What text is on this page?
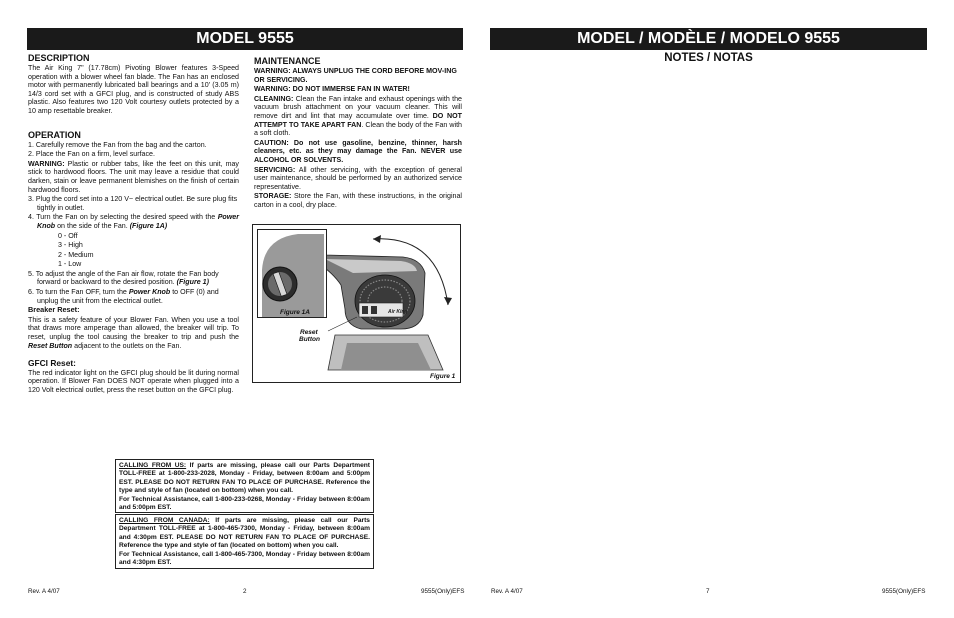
MODEL 9555

DESCRIPTION

The Air King 7" (17.78cm) Pivoting Blower features 3-Speed operation with a blower wheel fan blade. The Fan has an enclosed motor with permanently lubricated ball bearings and a 10' (3.05 m) 14/3 cord set with a GFCI plug, and is constructed of study ABS plastic. Also features two 120 Volt courtesy outlets protected by a 10 amp resettable breaker.

OPERATION

1. Carefully remove the Fan from the bag and the carton.

2. Place the Fan on a firm, level surface.

WARNING: Plastic or rubber tabs, like the feet on this unit, may stick to hardwood floors. The unit may leave a residue that could darken, stain or leave permanent blemishes on the finish of certain hardwood floors.

3. Plug the cord set into a 120 V~ electrical outlet. Be sure plug fits tightly in outlet.

4. Turn the Fan on by selecting the desired speed with the Power Knob on the side of the Fan. (Figure 1A)

0 - Off

3 - High

2 - Medium

1 - Low

5. To adjust the angle of the Fan air flow, rotate the Fan body forward or backward to the desired position. (Figure 1)

6. To turn the Fan OFF, turn the Power Knob to OFF (0) and unplug the unit from the electrical outlet.

Breaker Reset:

This is a safety feature of your Blower Fan. When you use a tool that draws more amperage than allowed, the breaker will trip. To reset, unplug the tool causing the breaker to trip and push the Reset Button adjacent to the outlets on the Fan.

GFCI Reset:

The red indicator light on the GFCI plug should be lit during normal operation. If Blower Fan DOES NOT operate when plugged into a 120 Volt electrical outlet, press the reset button on the GFCI plug.

MAINTENANCE

WARNING: ALWAYS UNPLUG THE CORD BEFORE MOV-ING OR SERVICING.

WARNING: DO NOT IMMERSE FAN IN WATER!

CLEANING: Clean the Fan intake and exhaust openings with the vacuum brush attachment on your vacuum cleaner. This will remove dirt and lint that may accumulate over time. DO NOT ATTEMPT TO TAKE APART FAN. Clean the body of the Fan with a soft cloth.

CAUTION: Do not use gasoline, benzine, thinner, harsh cleaners, etc. as they may damage the Fan. NEVER use ALCOHOL OR SOLVENTS.

SERVICING: All other servicing, with the exception of general user maintenance, should be performed by an authorized service representative.

STORAGE: Store the Fan, with these instructions, in the original carton in a cool, dry place.

Air King
Figure 1A
Reset
Button
Figure 1

CALLING FROM US: If parts are missing, please call our Parts Department TOLL-FREE at 1-800-233-2028, Monday - Friday, between 8:00am and 5:00pm EST. PLEASE DO NOT RETURN FAN TO PLACE OF PURCHASE. Reference the type and style of fan (located on bottom) when you call.

For Technical Assistance, call 1-800-233-0268, Monday - Friday between 8:00am and 5:00pm EST.

CALLING FROM CANADA: If parts are missing, please call our Parts Department TOLL-FREE at 1-800-465-7300, Monday - Friday, between 8:00am and 4:30pm EST. PLEASE DO NOT RETURN FAN TO PLACE OF PURCHASE. Reference the type and style of fan (located on bottom) when you call.

For Technical Assistance, call 1-800-465-7300, Monday - Friday between 8:00am and 4:30pm EST.

Rev. A 4/07	2	9555(Only)EFS
MODEL / MODÈLE / MODELO 9555
NOTES / NOTAS
Rev. A 4/07	7	9555(Only)EFS
